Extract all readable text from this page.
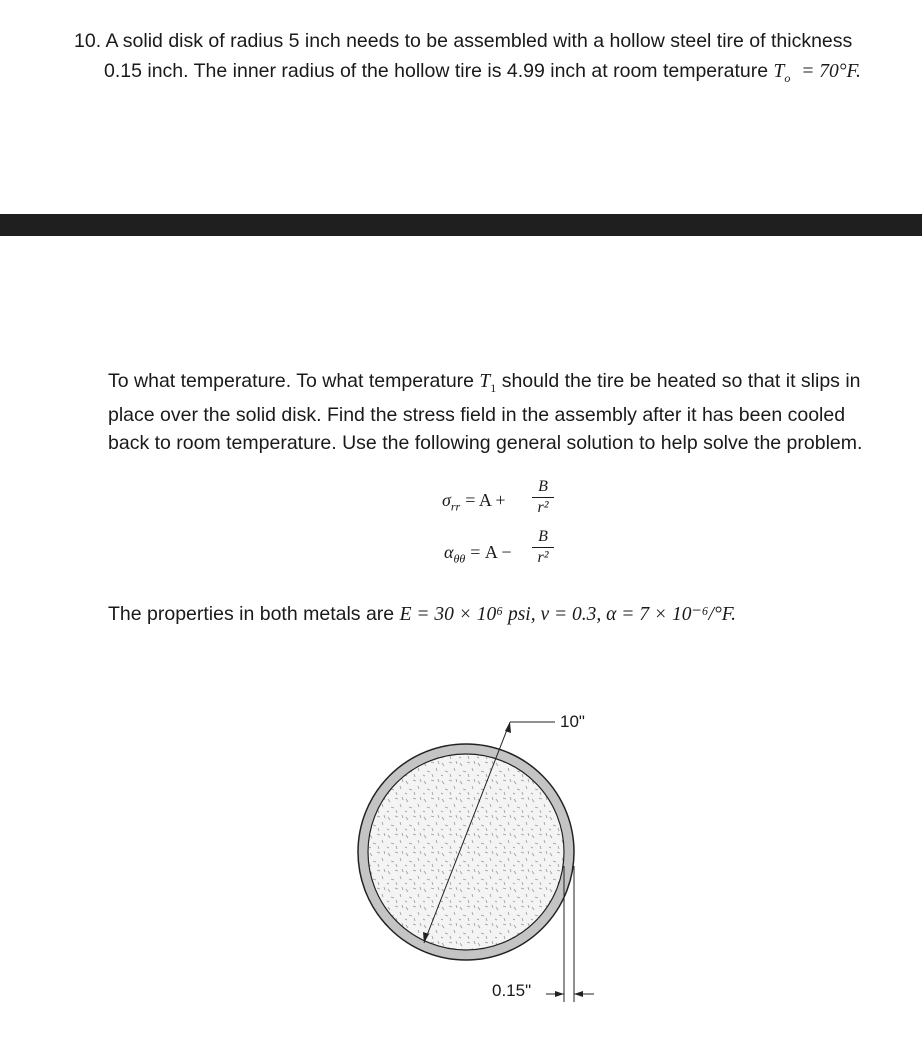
10. A solid disk of radius 5 inch needs to be assembled with a hollow steel tire of thickness
0.15 inch. The inner radius of the hollow tire is 4.99 inch at room temperature $T_o = 70^\circ F$.
To what temperature. To what temperature $T_1$ should the tire be heated so that it slips in
place over the solid disk. Find the stress field in the assembly after it has been cooled
back to room temperature. Use the following general solution to help solve the problem.
$\sigma_{rr} = A$ +
B
r²
$\alpha_{\theta\theta} = A$ −
B
r²
The properties in both metals are E = 30 × 10⁶ psi, v = 0.3, α = 7 × 10⁻⁶/°F.
10"
0.15"
